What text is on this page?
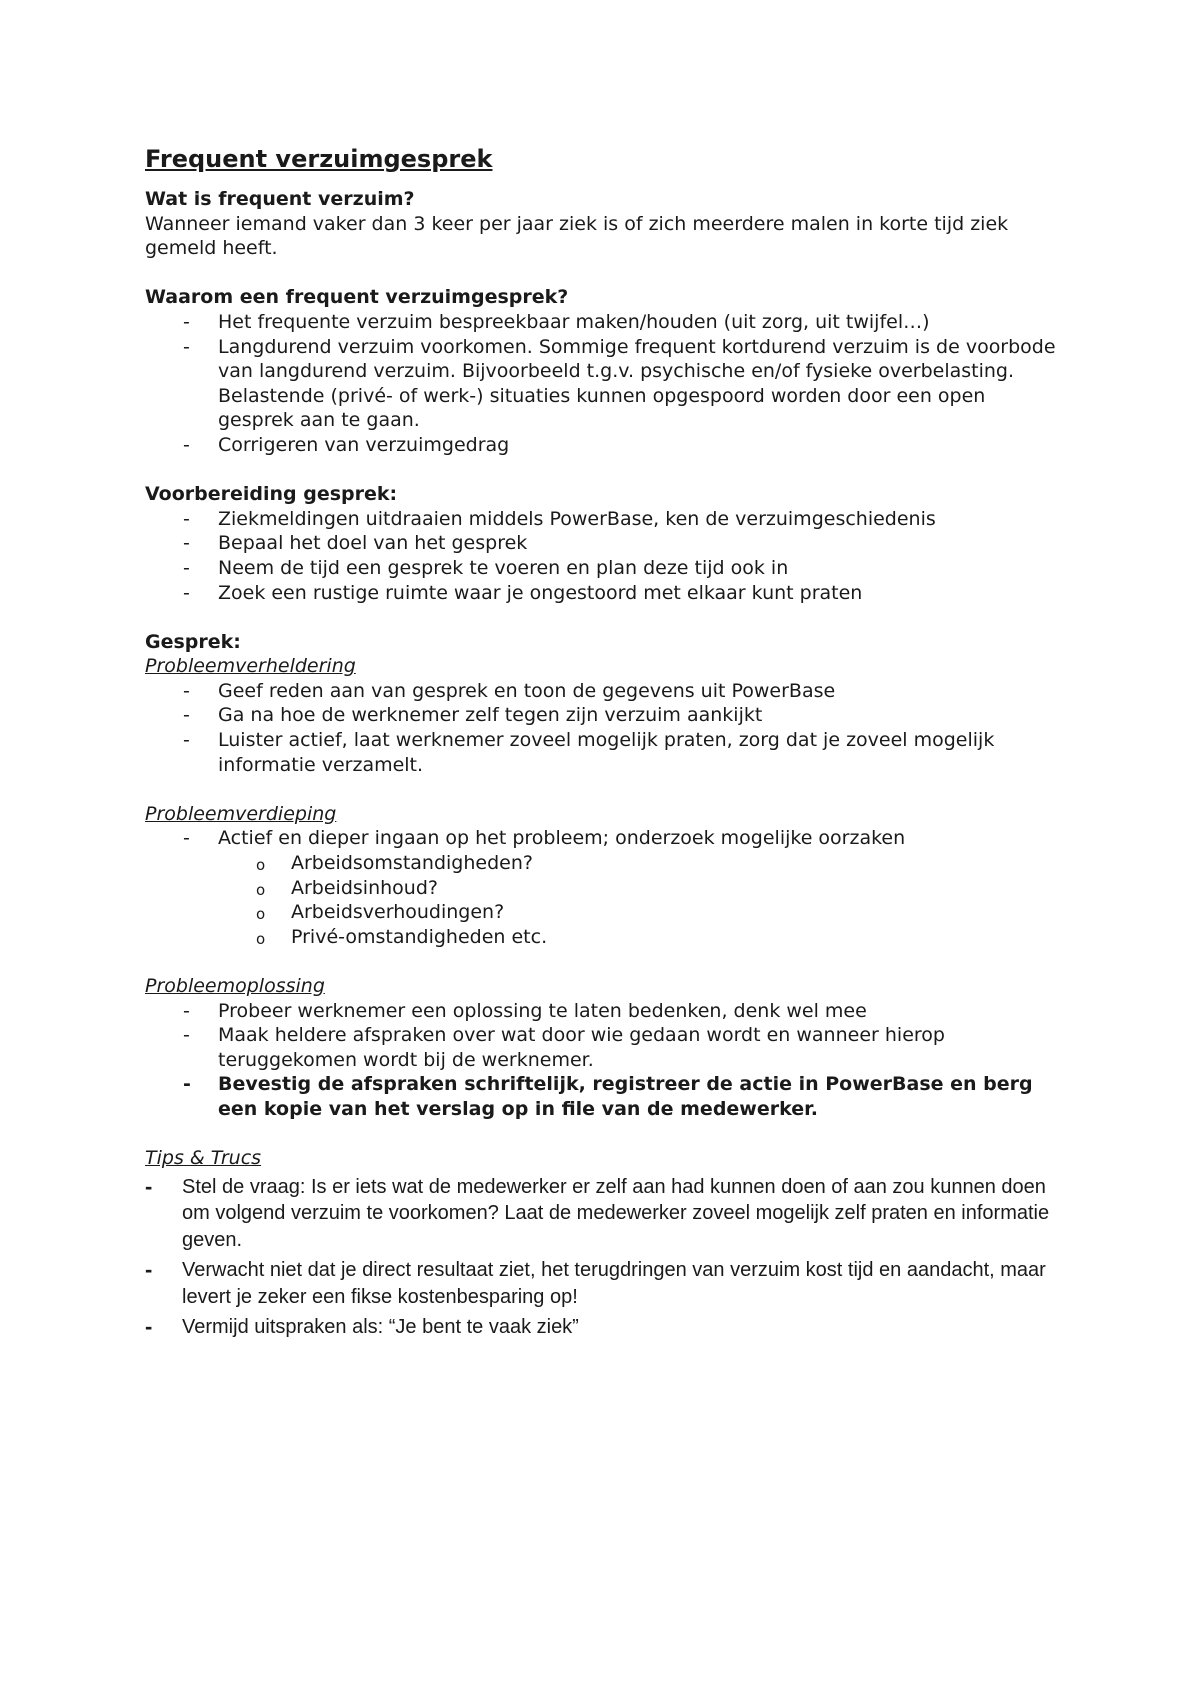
Frequent verzuimgesprek
Wat is frequent verzuim?
Wanneer iemand vaker dan 3 keer per jaar ziek is of zich meerdere malen in korte tijd ziek gemeld heeft.
Waarom een frequent verzuimgesprek?
- Het frequente verzuim bespreekbaar maken/houden (uit zorg, uit twijfel…)
- Langdurend verzuim voorkomen. Sommige frequent kortdurend verzuim is de voorbode van langdurend verzuim. Bijvoorbeeld t.g.v. psychische en/of fysieke overbelasting. Belastende (privé- of werk-) situaties kunnen opgespoord worden door een open gesprek aan te gaan.
- Corrigeren van verzuimgedrag
Voorbereiding gesprek:
- Ziekmeldingen uitdraaien middels PowerBase, ken de verzuimgeschiedenis
- Bepaal het doel van het gesprek
- Neem de tijd een gesprek te voeren en plan deze tijd ook in
- Zoek een rustige ruimte waar je ongestoord met elkaar kunt praten
Gesprek:
Probleemverheldering
- Geef reden aan van gesprek en toon de gegevens uit PowerBase
- Ga na hoe de werknemer zelf tegen zijn verzuim aankijkt
- Luister actief, laat werknemer zoveel mogelijk praten, zorg dat je zoveel mogelijk informatie verzamelt.
Probleemverdieping
- Actief en dieper ingaan op het probleem; onderzoek mogelijke oorzaken
o Arbeidsomstandigheden?
o Arbeidsinhoud?
o Arbeidsverhoudingen?
o Privé-omstandigheden etc.
Probleemoplossing
- Probeer werknemer een oplossing te laten bedenken, denk wel mee
- Maak heldere afspraken over wat door wie gedaan wordt en wanneer hierop teruggekomen wordt bij de werknemer.
- Bevestig de afspraken schriftelijk, registreer de actie in PowerBase en berg een kopie van het verslag op in file van de medewerker.
Tips & Trucs
- Stel de vraag: Is er iets wat de medewerker er zelf aan had kunnen doen of aan zou kunnen doen om volgend verzuim te voorkomen? Laat de medewerker zoveel mogelijk zelf praten en informatie geven.
- Verwacht niet dat je direct resultaat ziet, het terugdringen van verzuim kost tijd en aandacht, maar levert je zeker een fikse kostenbesparing op!
- Vermijd uitspraken als: “Je bent te vaak ziek”
